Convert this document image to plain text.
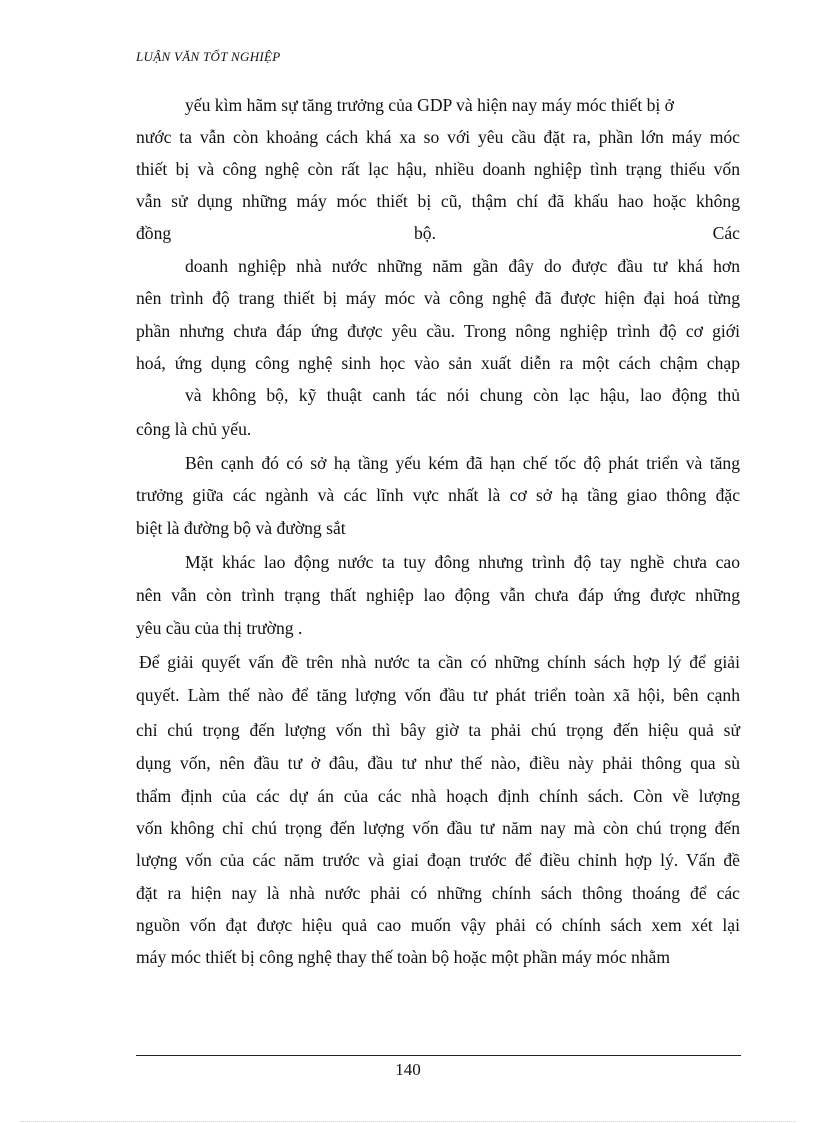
LUẬN VĂN TỐT NGHIỆP
yếu kìm hãm sự tăng trưởng của GDP và hiện nay máy móc thiết bị ở
nước ta vẫn còn khoảng cách khá xa so với yêu cầu đặt ra, phần lớn máy móc
thiết bị và công nghệ còn rất lạc hậu, nhiều doanh nghiệp tình trạng thiếu vốn
vẫn sử dụng những máy móc thiết bị cũ, thậm chí đã khấu hao hoặc không
đồng	bộ.	Các
doanh nghiệp nhà nước những năm gần đây do được đầu tư khá hơn
nên trình độ trang thiết bị máy móc và công nghệ đã được hiện đại hoá từng
phần nhưng chưa đáp ứng được yêu cầu. Trong nông nghiệp trình độ cơ giới
hoá, ứng dụng công nghệ sinh học vào sản xuất diễn ra một cách chậm chạp
và không bộ, kỹ thuật canh tác nói chung còn lạc hậu, lao động thủ
công là chủ yếu.
Bên cạnh đó có sở hạ tầng yếu kém đã hạn chế tốc độ phát triển và tăng
trưởng giữa các ngành và các lĩnh vực nhất là cơ sở hạ tầng giao thông đặc
biệt là đường bộ và đường sắt
Mặt khác lao động nước ta tuy đông nhưng trình độ tay nghề chưa cao
nên vẫn còn trình trạng thất nghiệp lao động vẫn chưa đáp ứng được những
yêu cầu của thị trường .
Để giải quyết vấn đề trên nhà nước ta cần có những chính sách hợp lý để giải
quyết. Làm thế nào để tăng lượng vốn đầu tư phát triển toàn xã hội, bên cạnh
chỉ chú trọng đến lượng vốn thì bây giờ ta phải chú trọng đến hiệu quả sử
dụng vốn, nên đầu tư ở đâu, đầu tư như thế nào, điều này phải thông qua sù
thẩm định của các dự án của các nhà hoạch định chính sách. Còn về lượng
vốn không chỉ chú trọng đến lượng vốn đầu tư năm nay mà còn chú trọng đến
lượng vốn của các năm trước và giai đoạn trước để điều chỉnh hợp lý. Vấn đề
đặt ra hiện nay là nhà nước phải có những chính sách thông thoáng để các
nguồn vốn đạt được hiệu quả cao muốn vậy phải có chính sách xem xét lại
máy móc thiết bị công nghệ thay thế toàn bộ hoặc một phần máy móc nhằm
140
